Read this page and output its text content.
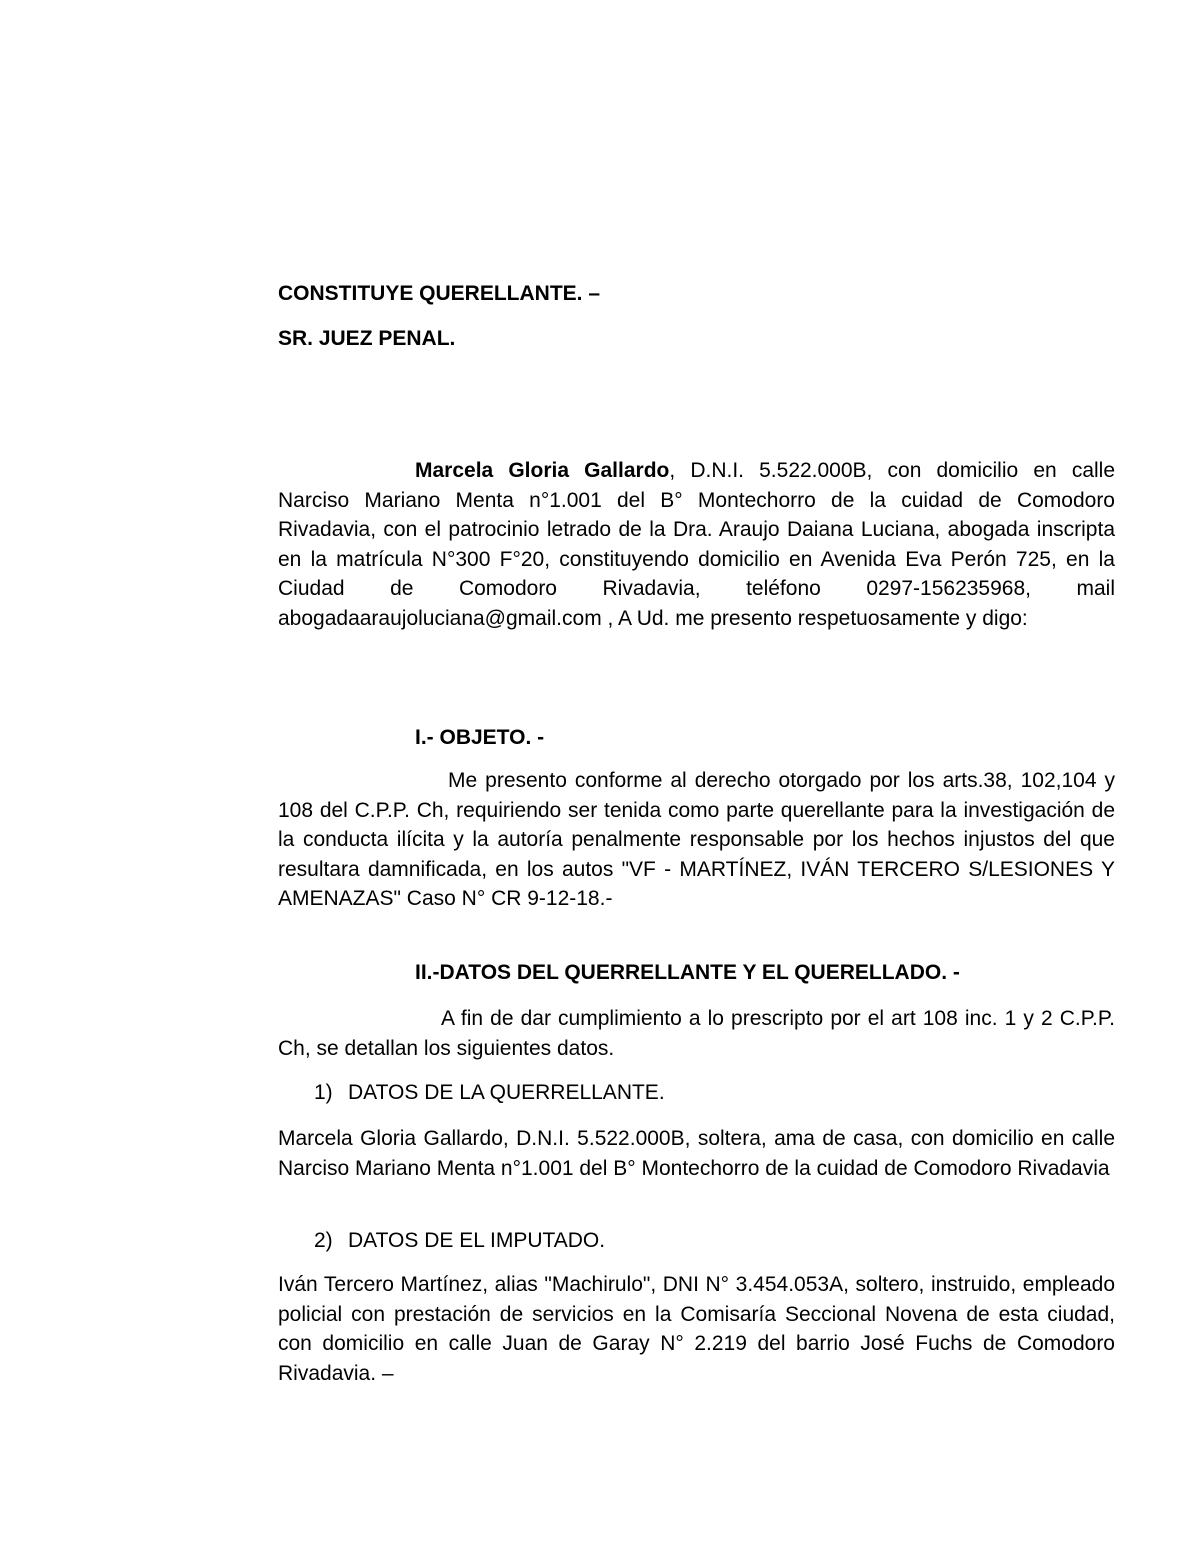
CONSTITUYE QUERELLANTE. –
SR. JUEZ PENAL.
Marcela Gloria Gallardo, D.N.I. 5.522.000B, con domicilio en calle Narciso Mariano Menta n°1.001 del B° Montechorro de la cuidad de Comodoro Rivadavia, con el patrocinio letrado de la Dra. Araujo Daiana Luciana, abogada inscripta en la matrícula N°300 F°20, constituyendo domicilio en Avenida Eva Perón 725, en la Ciudad de Comodoro Rivadavia, teléfono 0297-156235968, mail abogadaaraujoluciana@gmail.com , A Ud. me presento respetuosamente y digo:
I.- OBJETO. -
Me presento conforme al derecho otorgado por los arts.38, 102,104 y 108 del C.P.P. Ch, requiriendo ser tenida como parte querellante para la investigación de la conducta ilícita y la autoría penalmente responsable por los hechos injustos del que resultara damnificada, en los autos "VF - MARTÍNEZ, IVÁN TERCERO S/LESIONES Y AMENAZAS" Caso N° CR 9-12-18.-
II.-DATOS DEL QUERRELLANTE Y EL QUERELLADO. -
A fin de dar cumplimiento a lo prescripto por el art 108 inc. 1 y 2 C.P.P. Ch, se detallan los siguientes datos.
1) DATOS DE LA QUERRELLANTE.
Marcela Gloria Gallardo, D.N.I. 5.522.000B, soltera, ama de casa, con domicilio en calle Narciso Mariano Menta n°1.001 del B° Montechorro de la cuidad de Comodoro Rivadavia
2) DATOS DE EL IMPUTADO.
Iván Tercero Martínez, alias "Machirulo", DNI N° 3.454.053A, soltero, instruido, empleado policial con prestación de servicios en la Comisaría Seccional Novena de esta ciudad, con domicilio en calle Juan de Garay N° 2.219 del barrio José Fuchs de Comodoro Rivadavia. –
